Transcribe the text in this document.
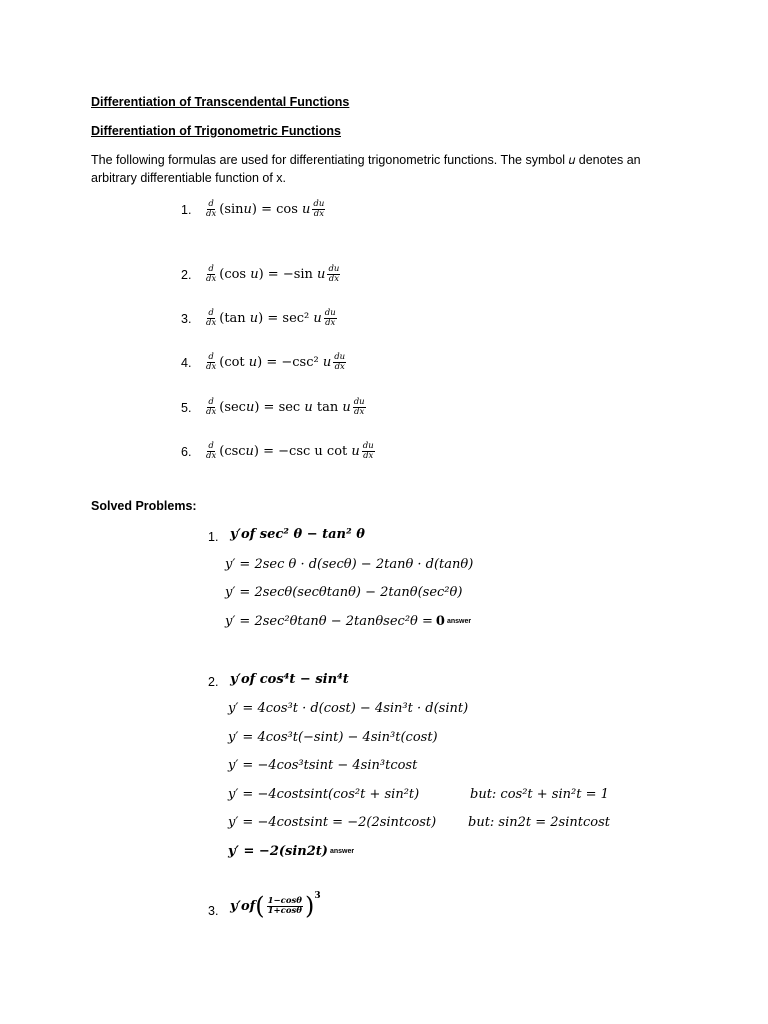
Differentiation of Transcendental Functions
Differentiation of Trigonometric Functions
The following formulas are used for differentiating trigonometric functions. The symbol 𝑢 denotes an arbitrary differentiable function of x.
1.	$\frac{d}{dx}$ (sin𝑢) = cos 𝑢 $\frac{du}{dx}$
2.	$\frac{d}{dx} (\cos$ 𝑢) = −sin 𝑢 $\frac{du}{dx}$
3.	$\frac{d}{dx} (\tan$ 𝑢) = sec² 𝑢 $\frac{du}{dx}$
4.	$\frac{d}{dx} (\cot$ 𝑢) = −csc² 𝑢 $\frac{du}{dx}$
5.	$\frac{d}{dx}$ (sec𝑢) = sec 𝑢 tan 𝑢 $\frac{du}{dx}$
6.	$\frac{d}{dx}$ (csc𝑢) = −csc u cot 𝑢 $\frac{du}{dx}$
Solved Problems:
1. y′of sec² θ − tan² θ
y′ = 2sec θ · d(secθ) − 2tanθ · d(tanθ)
y′ = 2secθ(secθtanθ) − 2tanθ(sec²θ)
y′ = 2sec²θtanθ − 2tanθsec²θ = 0 answer
2. y′of cos⁴t − sin⁴t
y′ = 4cos³t · d(cost) − 4sin³t · d(sint)
y′ = 4cos³t(−sint) − 4sin³t(cost)
y′ = −4cos³tsint − 4sin³tcost
y′ = −4costsint(cos²t + sin²t)	but: cos²t + sin²t = 1
y′ = −4costsint = −2(2sintcost) but: sin2t = 2sintcost
y′ = −2(sin2t) answer
3. y′of ( $\frac{1-\cos\theta}{1+\cos\theta}$ ) 3
